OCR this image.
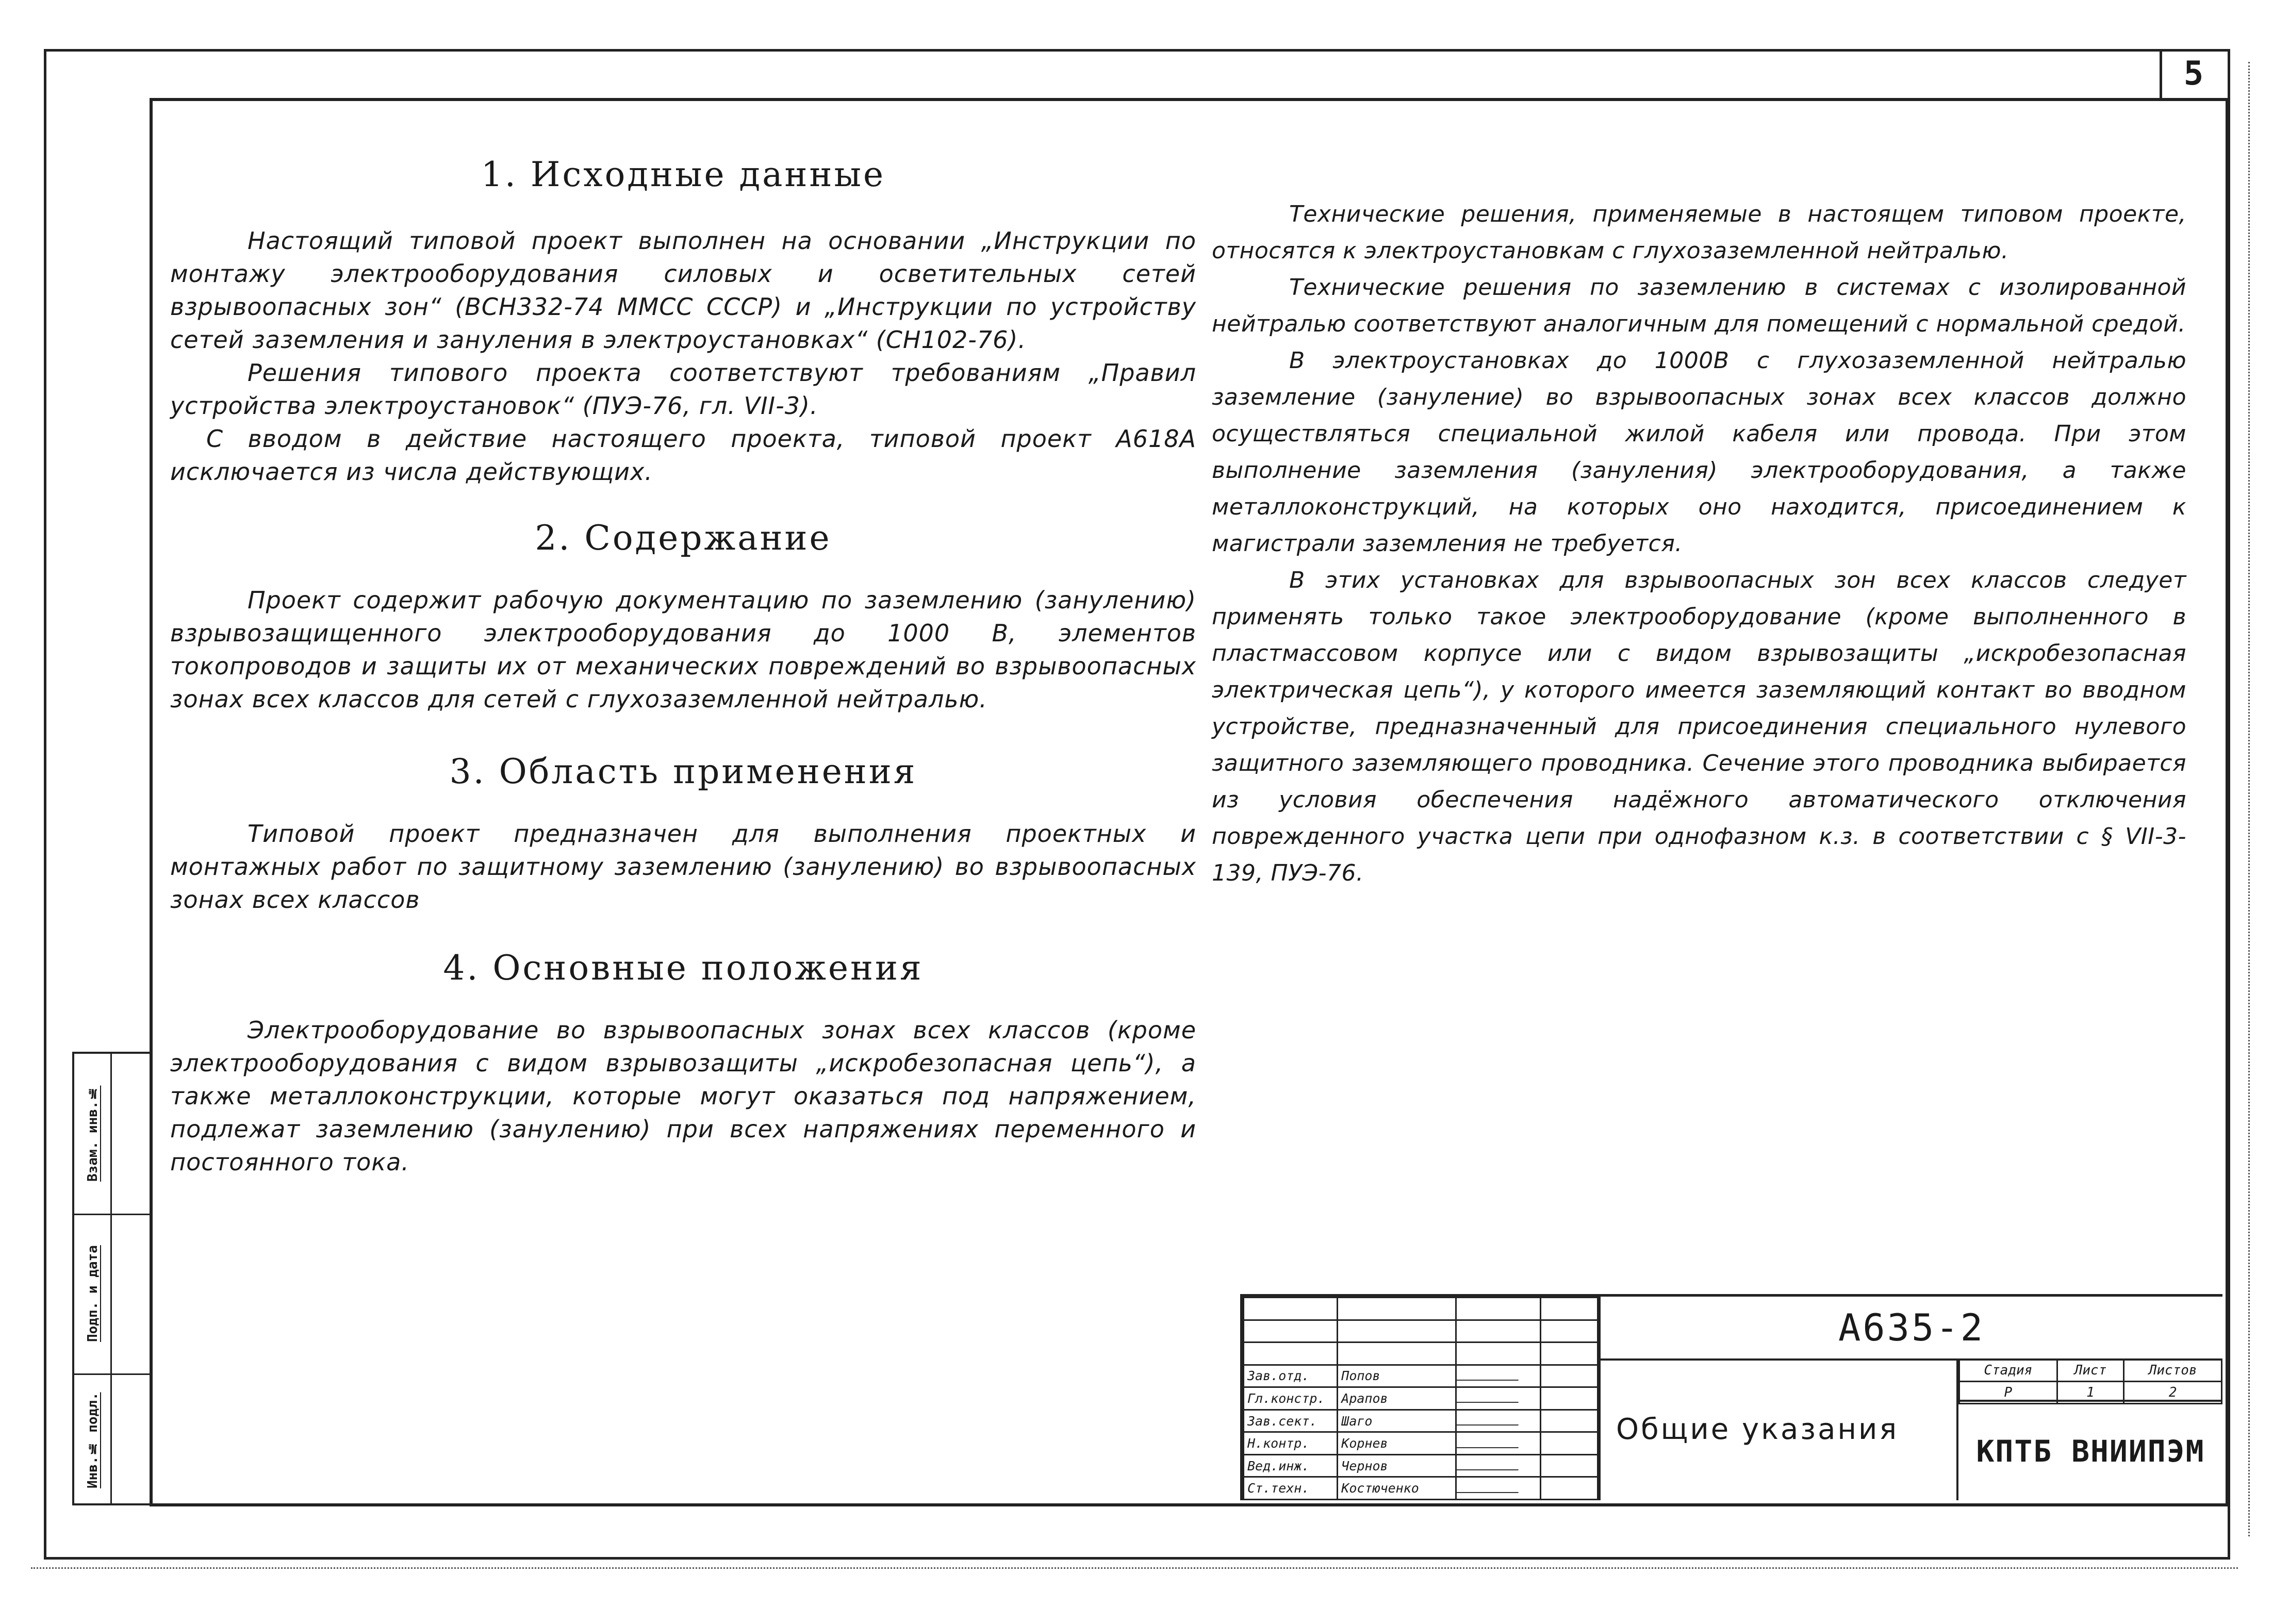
5
Инв.№ подл.
Подп. и дата
Взам. инв.№
1. Исходные данные

Настоящий типовой проект выполнен на основании „Инструкции по монтажу электрооборудования силовых и осветительных сетей взрывоопасных зон“ (ВСН332-74 ММСС СССР) и „Инструкции по устройству сетей заземления и зануления в электроустановках“ (СН102-76).

Решения типового проекта соответствуют требованиям „Правил устройства электроустановок“ (ПУЭ-76, гл. VII-3).

С вводом в действие настоящего проекта, типовой проект А618А исключается из числа действующих.

2. Содержание

Проект содержит рабочую документацию по заземлению (занулению) взрывозащищенного электрооборудования до 1000 В, элементов токопроводов и защиты их от механических повреждений во взрывоопасных зонах всех классов для сетей с глухозаземленной нейтралью.

3. Область применения

Типовой проект предназначен для выполнения проектных и монтажных работ по защитному заземлению (занулению) во взрывоопасных зонах всех классов

4. Основные положения

Электрооборудование во взрывоопасных зонах всех классов (кроме электрооборудования с видом взрывозащиты „искробезопасная цепь“), а также металлоконструкции, которые могут оказаться под напряжением, подлежат заземлению (занулению) при всех напряжениях переменного и постоянного тока.

Технические решения, применяемые в настоящем типовом проекте, относятся к электроустановкам с глухозаземленной нейтралью.

Технические решения по заземлению в системах с изолированной нейтралью соответствуют аналогичным для помещений с нормальной средой.

В электроустановках до 1000В с глухозаземленной нейтралью заземление (зануление) во взрывоопасных зонах всех классов должно осуществляться специальной жилой кабеля или провода. При этом выполнение заземления (зануления) электрооборудования, а также металлоконструкций, на которых оно находится, присоединением к магистрали заземления не требуется.

В этих установках для взрывоопасных зон всех классов следует применять только такое электрооборудование (кроме выполненного в пластмассовом корпусе или с видом взрывозащиты „искробезопасная электрическая цепь“), у которого имеется заземляющий контакт во вводном устройстве, предназначенный для присоединения специального нулевого защитного заземляющего проводника. Сечение этого проводника выбирается из условия обеспечения надёжного автоматического отключения поврежденного участка цепи при однофазном к.з. в соответствии с § VII-3-139, ПУЭ-76.

Зав.отд.	Попов		
Гл.констр.	Арапов		
Зав.сект.	Шаго		
Н.контр.	Корнев		
Вед.инж.	Чернов		
Ст.техн.	Костюченко		
А635-2
Общие указания
Стадия	Лист	Листов
Р	1	2
КПТБ ВНИИПЭМ
